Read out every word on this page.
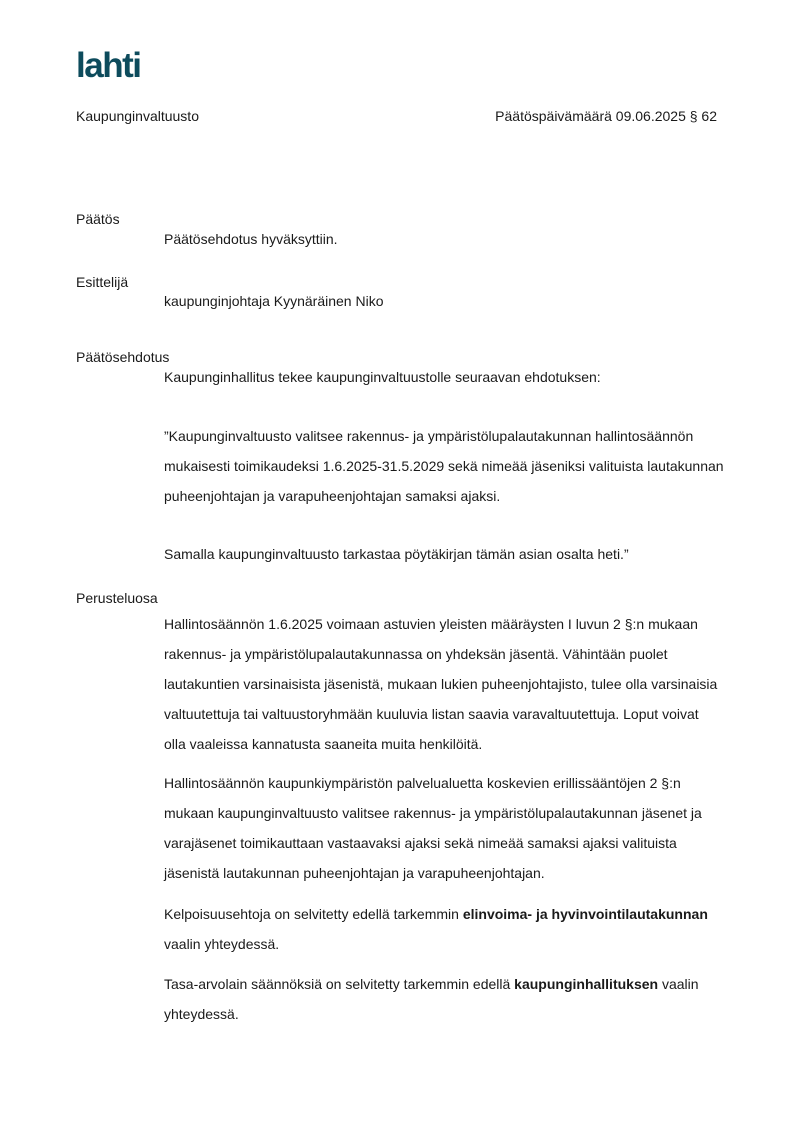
lahti
Kaupunginvaltuusto	Päätöspäivämäärä 09.06.2025 § 62
Päätös
Päätösehdotus hyväksyttiin.
Esittelijä
kaupunginjohtaja Kyynäräinen Niko
Päätösehdotus
Kaupunginhallitus tekee kaupunginvaltuustolle seuraavan ehdotuksen:
”Kaupunginvaltuusto valitsee rakennus- ja ympäristölupalautakunnan hallintosäännön mukaisesti toimikaudeksi 1.6.2025-31.5.2029 sekä nimeää jäseniksi valituista lautakunnan puheenjohtajan ja varapuheenjohtajan samaksi ajaksi.
Samalla kaupunginvaltuusto tarkastaa pöytäkirjan tämän asian osalta heti.”
Perusteluosa
Hallintosäännön 1.6.2025 voimaan astuvien yleisten määräysten I luvun 2 §:n mukaan rakennus- ja ympäristölupalautakunnassa on yhdeksän jäsentä. Vähintään puolet lautakuntien varsinaisista jäsenistä, mukaan lukien puheenjohtajisto, tulee olla varsinaisia valtuutettuja tai valtuustoryhmään kuuluvia listan saavia varavaltuutettuja. Loput voivat olla vaaleissa kannatusta saaneita muita henkilöitä.
Hallintosäännön kaupunkiympäristön palvelualuetta koskevien erillissääntöjen 2 §:n mukaan kaupunginvaltuusto valitsee rakennus- ja ympäristölupalautakunnan jäsenet ja varajäsenet toimikauttaan vastaavaksi ajaksi sekä nimeää samaksi ajaksi valituista jäsenistä lautakunnan puheenjohtajan ja varapuheenjohtajan.
Kelpoisuusehtoja on selvitetty edellä tarkemmin elinvoima- ja hyvinvointilautakunnan vaalin yhteydessä.
Tasa-arvolain säännöksiä on selvitetty tarkemmin edellä kaupunginhallituksen vaalin yhteydessä.
